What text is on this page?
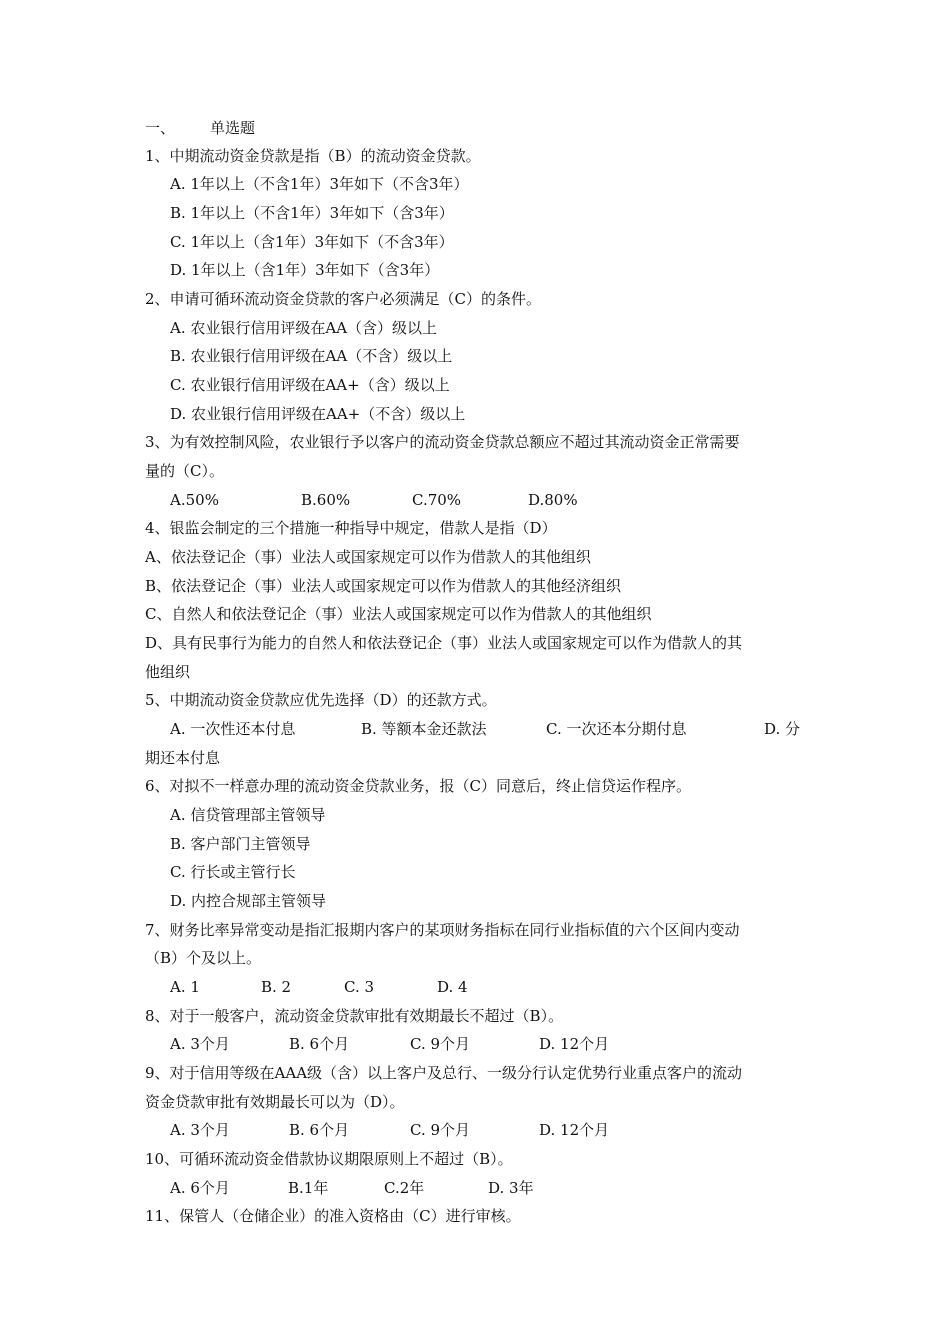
一、 单选题
1、中期流动资金贷款是指（B）的流动资金贷款。
A. 1年以上（不含1年）3年如下（不含3年）
B. 1年以上（不含1年）3年如下（含3年）
C. 1年以上（含1年）3年如下（不含3年）
D. 1年以上（含1年）3年如下（含3年）
2、申请可循环流动资金贷款的客户必须满足（C）的条件。
A. 农业银行信用评级在AA（含）级以上
B. 农业银行信用评级在AA（不含）级以上
C. 农业银行信用评级在AA+（含）级以上
D. 农业银行信用评级在AA+（不含）级以上
3、为有效控制风险，农业银行予以客户的流动资金贷款总额应不超过其流动资金正常需要
量的（C）。
A.50%	B.60%	C.70%	D.80%
4、银监会制定的三个措施一种指导中规定，借款人是指（D）
A、依法登记企（事）业法人或国家规定可以作为借款人的其他组织
B、依法登记企（事）业法人或国家规定可以作为借款人的其他经济组织
C、自然人和依法登记企（事）业法人或国家规定可以作为借款人的其他组织
D、具有民事行为能力的自然人和依法登记企（事）业法人或国家规定可以作为借款人的其
他组织
5、中期流动资金贷款应优先选择（D）的还款方式。
A. 一次性还本付息	B. 等额本金还款法	C. 一次还本分期付息	D. 分
期还本付息
6、对拟不一样意办理的流动资金贷款业务，报（C）同意后，终止信贷运作程序。
A. 信贷管理部主管领导
B. 客户部门主管领导
C. 行长或主管行长
D. 内控合规部主管领导
7、财务比率异常变动是指汇报期内客户的某项财务指标在同行业指标值的六个区间内变动
（B）个及以上。
A. 1	B. 2	C. 3	D. 4
8、对于一般客户，流动资金贷款审批有效期最长不超过（B）。
A. 3个月	B. 6个月	C. 9个月	D. 12个月
9、对于信用等级在AAA级（含）以上客户及总行、一级分行认定优势行业重点客户的流动
资金贷款审批有效期最长可以为（D）。
A. 3个月	B. 6个月	C. 9个月	D. 12个月
10、可循环流动资金借款协议期限原则上不超过（B）。
A. 6个月	B.1年	C.2年	D. 3年
11、保管人（仓储企业）的准入资格由（C）进行审核。
